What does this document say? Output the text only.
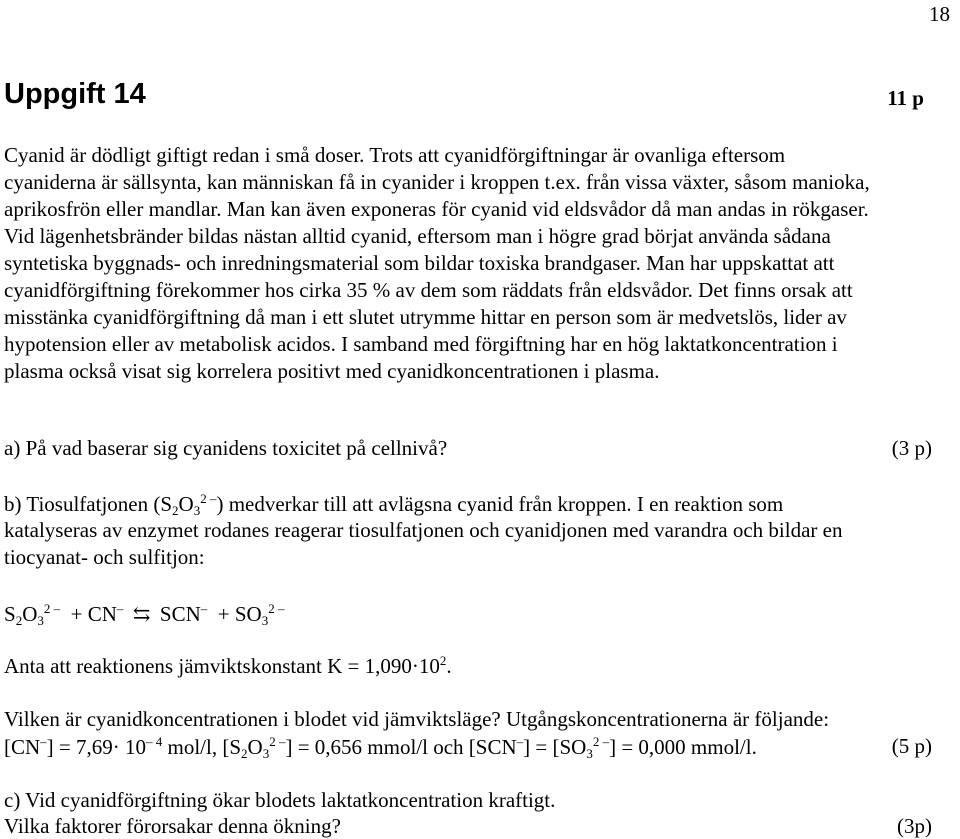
18
Uppgift 14	11 p
Cyanid är dödligt giftigt redan i små doser. Trots att cyanidförgiftningar är ovanliga eftersom
cyaniderna är sällsynta, kan människan få in cyanider i kroppen t.ex. från vissa växter, såsom manioka,
aprikosfrön eller mandlar. Man kan även exponeras för cyanid vid eldsvådor då man andas in rökgaser.
Vid lägenhetsbränder bildas nästan alltid cyanid, eftersom man i högre grad börjat använda sådana
syntetiska byggnads- och inredningsmaterial som bildar toxiska brandgaser. Man har uppskattat att
cyanidförgiftning förekommer hos cirka 35 % av dem som räddats från eldsvådor. Det finns orsak att
misstänka cyanidförgiftning då man i ett slutet utrymme hittar en person som är medvetslös, lider av
hypotension eller av metabolisk acidos. I samband med förgiftning har en hög laktatkoncentration i
plasma också visat sig korrelera positivt med cyanidkoncentrationen i plasma.
a) På vad baserar sig cyanidens toxicitet på cellnivå?	(3 p)
b) Tiosulfatjonen $(S_2O_3^{2 -})$ medverkar till att avlägsna cyanid från kroppen. I en reaktion som
katalyseras av enzymet rodanes reagerar tiosulfatjonen och cyanidjonen med varandra och bildar en
tiocyanat- och sulfitjon:
$S_2O_3^{2 -} + CN^-$ ⇆ $SCN^- + SO_3^{2 -}$
Anta att reaktionens jämviktskonstant $K = 1,090\cdot 10^2$.
Vilken är cyanidkoncentrationen i blodet vid jämviktsläge? Utgångskoncentrationerna är följande:
$[CN^-] = 7,69\cdot 10^{- 4}$ mol/l, $[S_2O_3^{2 -}] = 0,656$ mmol/l och $[SCN^-] = [SO_3^{2 -}] = 0,000$ mmol/l.	(5 p)
c) Vid cyanidförgiftning ökar blodets laktatkoncentration kraftigt.
Vilka faktorer förorsakar denna ökning?	(3p)
